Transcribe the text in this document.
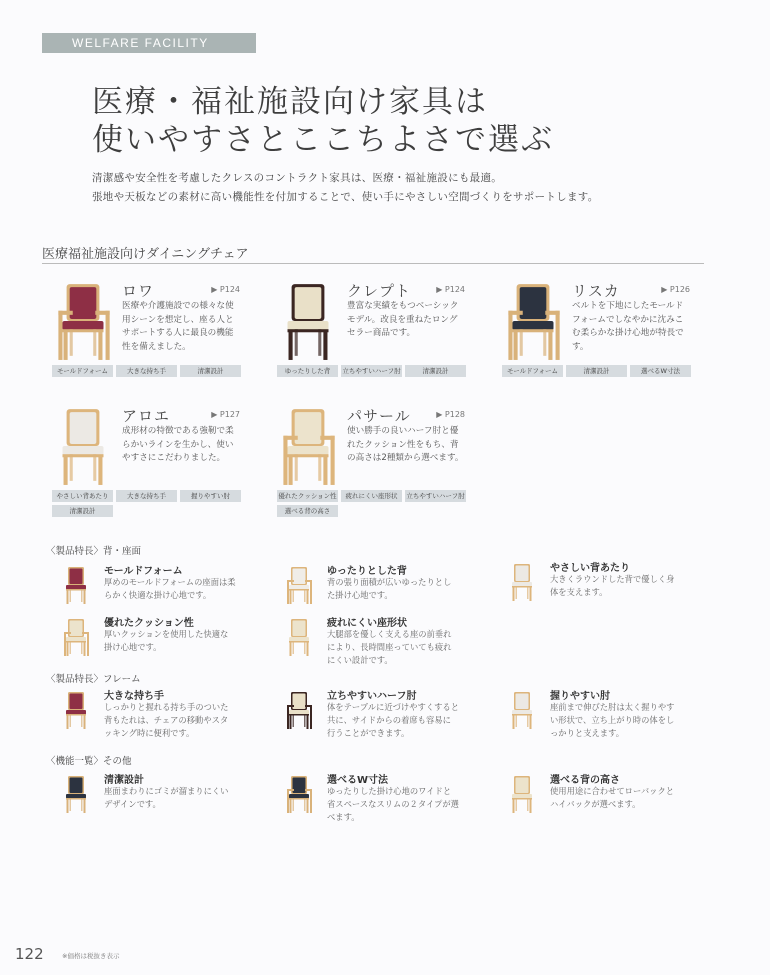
WELFARE FACILITY
医療・福祉施設向け家具は
使いやすさとここちよさで選ぶ
清潔感や安全性を考慮したクレスのコントラクト家具は、医療・福祉施設にも最適。
張地や天板などの素材に高い機能性を付加することで、使い手にやさしい空間づくりをサポートします。
医療福祉施設向けダイニングチェア
ロワ	▶ P124
医療や介護施設での様々な使用シーンを想定し、座る人とサポートする人に最良の機能性を備えました。
モールドフォーム	大きな持ち手	清潔設計
クレプト	▶ P124
豊富な実績をもつベーシックモデル。改良を重ねたロングセラー商品です。
ゆったりした背	立ちやすいハーフ肘	清潔設計
リスカ	▶ P126
ベルトを下地にしたモールドフォームでしなやかに沈みこむ柔らかな掛け心地が特長です。
モールドフォーム	清潔設計	選べるW寸法
アロエ	▶ P127
成形材の特徴である強靭で柔らかいラインを生かし、使いやすさにこだわりました。
やさしい背あたり	大きな持ち手	握りやすい肘
清潔設計
パサール	▶ P128
使い勝手の良いハーフ肘と優れたクッション性をもち、背の高さは2種類から選べます。
優れたクッション性	疲れにくい座形状	立ちやすいハーフ肘
選べる背の高さ
〈製品特長〉背・座面
モールドフォーム
厚めのモールドフォームの座面は柔らかく快適な掛け心地です。
ゆったりとした背
背の張り面積が広いゆったりとした掛け心地です。
やさしい背あたり
大きくラウンドした背で優しく身体を支えます。
優れたクッション性
厚いクッションを使用した快適な掛け心地です。
疲れにくい座形状
大腿部を優しく支える座の前垂れにより、長時間座っていても疲れにくい設計です。
〈製品特長〉フレーム
大きな持ち手
しっかりと握れる持ち手のついた背もたれは、チェアの移動やスタッキング時に便利です。
立ちやすいハーフ肘
体をテーブルに近づけやすくすると共に、サイドからの着席も容易に行うことができます。
握りやすい肘
座前まで伸びた肘は太く握りやすい形状で、立ち上がり時の体をしっかりと支えます。
〈機能一覧〉その他
清潔設計
座面まわりにゴミが溜まりにくいデザインです。
選べるW寸法
ゆったりした掛け心地のワイドと省スペースなスリムの２タイプが選べます。
選べる背の高さ
使用用途に合わせてローバックとハイバックが選べます。
122	※価格は税抜き表示
